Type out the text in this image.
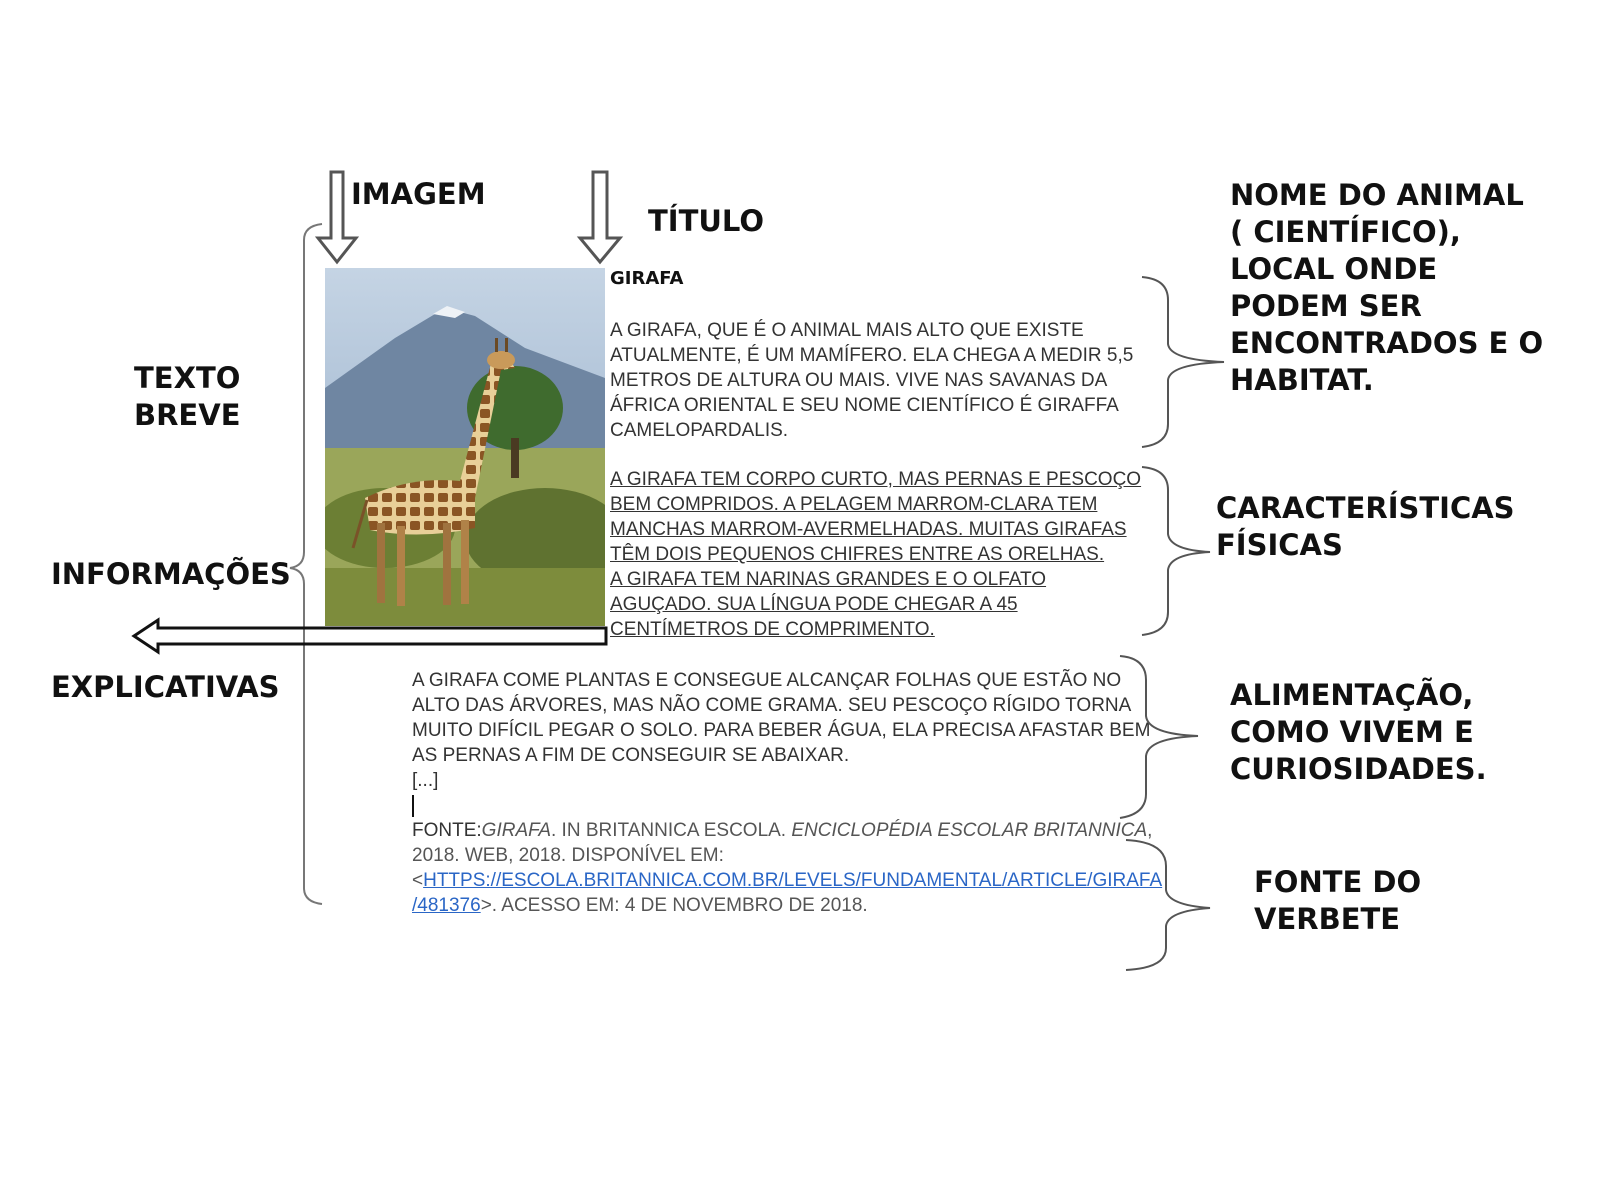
IMAGEM
TÍTULO
TEXTO
BREVE
INFORMAÇÕES
EXPLICATIVAS
NOME DO ANIMAL
( CIENTÍFICO),
LOCAL ONDE
PODEM SER
ENCONTRADOS E O
HABITAT.
CARACTERÍSTICAS
FÍSICAS
ALIMENTAÇÃO,
COMO VIVEM E
CURIOSIDADES.
FONTE DO
VERBETE
GIRAFA
A GIRAFA, QUE É O ANIMAL MAIS ALTO QUE EXISTE
ATUALMENTE, É UM MAMÍFERO. ELA CHEGA A MEDIR 5,5
METROS DE ALTURA OU MAIS. VIVE NAS SAVANAS DA
ÁFRICA ORIENTAL E SEU NOME CIENTÍFICO É GIRAFFA
CAMELOPARDALIS.
A GIRAFA TEM CORPO CURTO, MAS PERNAS E PESCOÇO
BEM COMPRIDOS. A PELAGEM MARROM-CLARA TEM
MANCHAS MARROM-AVERMELHADAS. MUITAS GIRAFAS
TÊM DOIS PEQUENOS CHIFRES ENTRE AS ORELHAS.
A GIRAFA TEM NARINAS GRANDES E O OLFATO
AGUÇADO. SUA LÍNGUA PODE CHEGAR A 45
CENTÍMETROS DE COMPRIMENTO.
A GIRAFA COME PLANTAS E CONSEGUE ALCANÇAR FOLHAS QUE ESTÃO NO
ALTO DAS ÁRVORES, MAS NÃO COME GRAMA. SEU PESCOÇO RÍGIDO TORNA
MUITO DIFÍCIL PEGAR O SOLO. PARA BEBER ÁGUA, ELA PRECISA AFASTAR BEM
AS PERNAS A FIM DE CONSEGUIR SE ABAIXAR.
[...]
FONTE:GIRAFA. IN BRITANNICA ESCOLA. ENCICLOPÉDIA ESCOLAR BRITANNICA,
2018. WEB, 2018. DISPONÍVEL EM:
<HTTPS://ESCOLA.BRITANNICA.COM.BR/LEVELS/FUNDAMENTAL/ARTICLE/GIRAFA
/481376>. ACESSO EM: 4 DE NOVEMBRO DE 2018.
